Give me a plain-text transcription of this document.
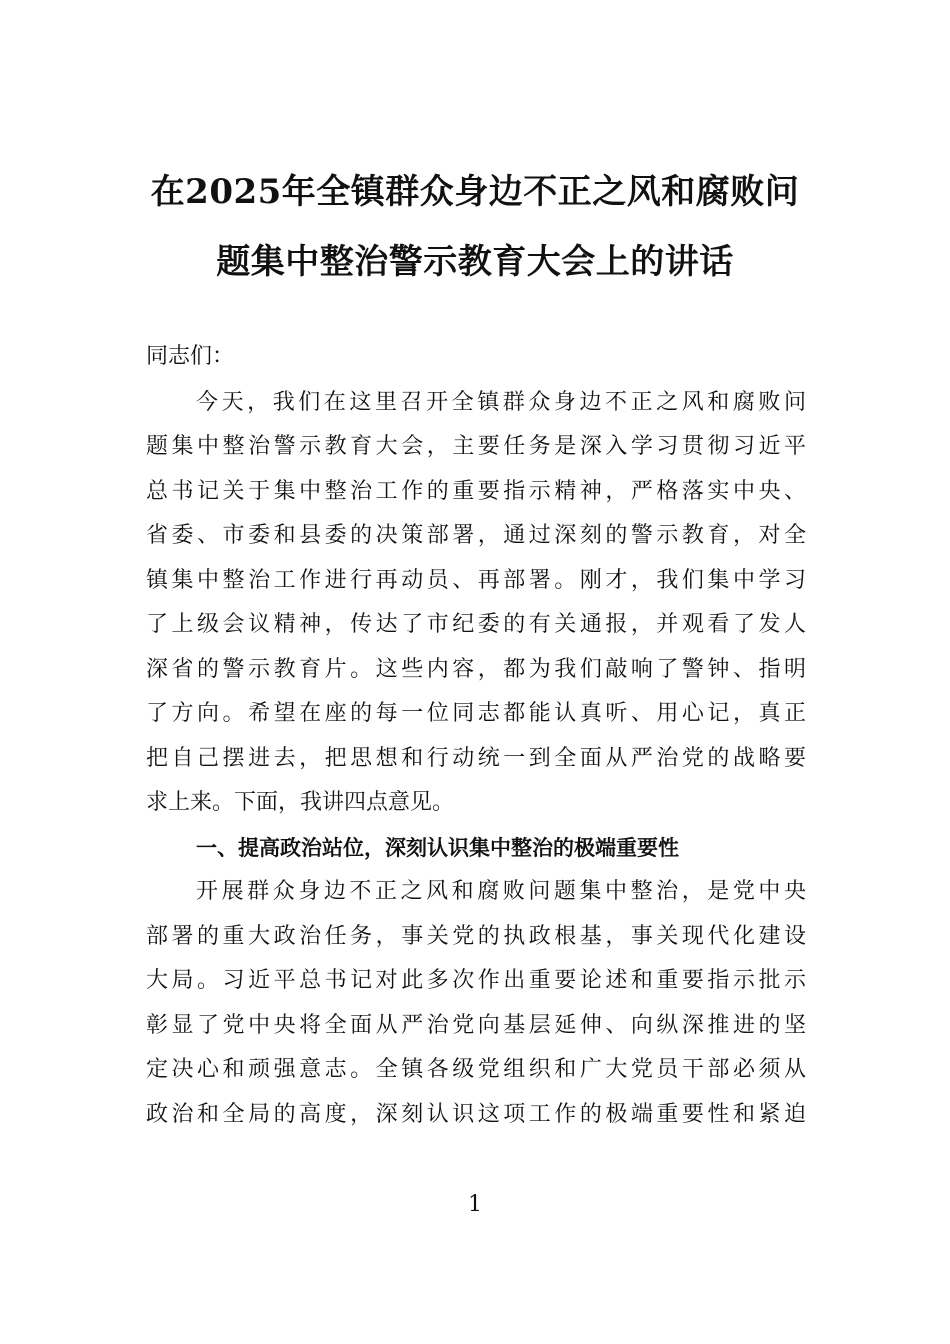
在2025年全镇群众身边不正之风和腐败问
题集中整治警示教育大会上的讲话
同志们：
今天，我们在这里召开全镇群众身边不正之风和腐败问
题集中整治警示教育大会，主要任务是深入学习贯彻习近平
总书记关于集中整治工作的重要指示精神，严格落实中央、
省委、市委和县委的决策部署，通过深刻的警示教育，对全
镇集中整治工作进行再动员、再部署。刚才，我们集中学习
了上级会议精神，传达了市纪委的有关通报，并观看了发人
深省的警示教育片。这些内容，都为我们敲响了警钟、指明
了方向。希望在座的每一位同志都能认真听、用心记，真正
把自己摆进去，把思想和行动统一到全面从严治党的战略要
求上来。下面，我讲四点意见。
一、提高政治站位，深刻认识集中整治的极端重要性
开展群众身边不正之风和腐败问题集中整治，是党中央
部署的重大政治任务，事关党的执政根基，事关现代化建设
大局。习近平总书记对此多次作出重要论述和重要指示批示
彰显了党中央将全面从严治党向基层延伸、向纵深推进的坚
定决心和顽强意志。全镇各级党组织和广大党员干部必须从
政治和全局的高度，深刻认识这项工作的极端重要性和紧迫
1
